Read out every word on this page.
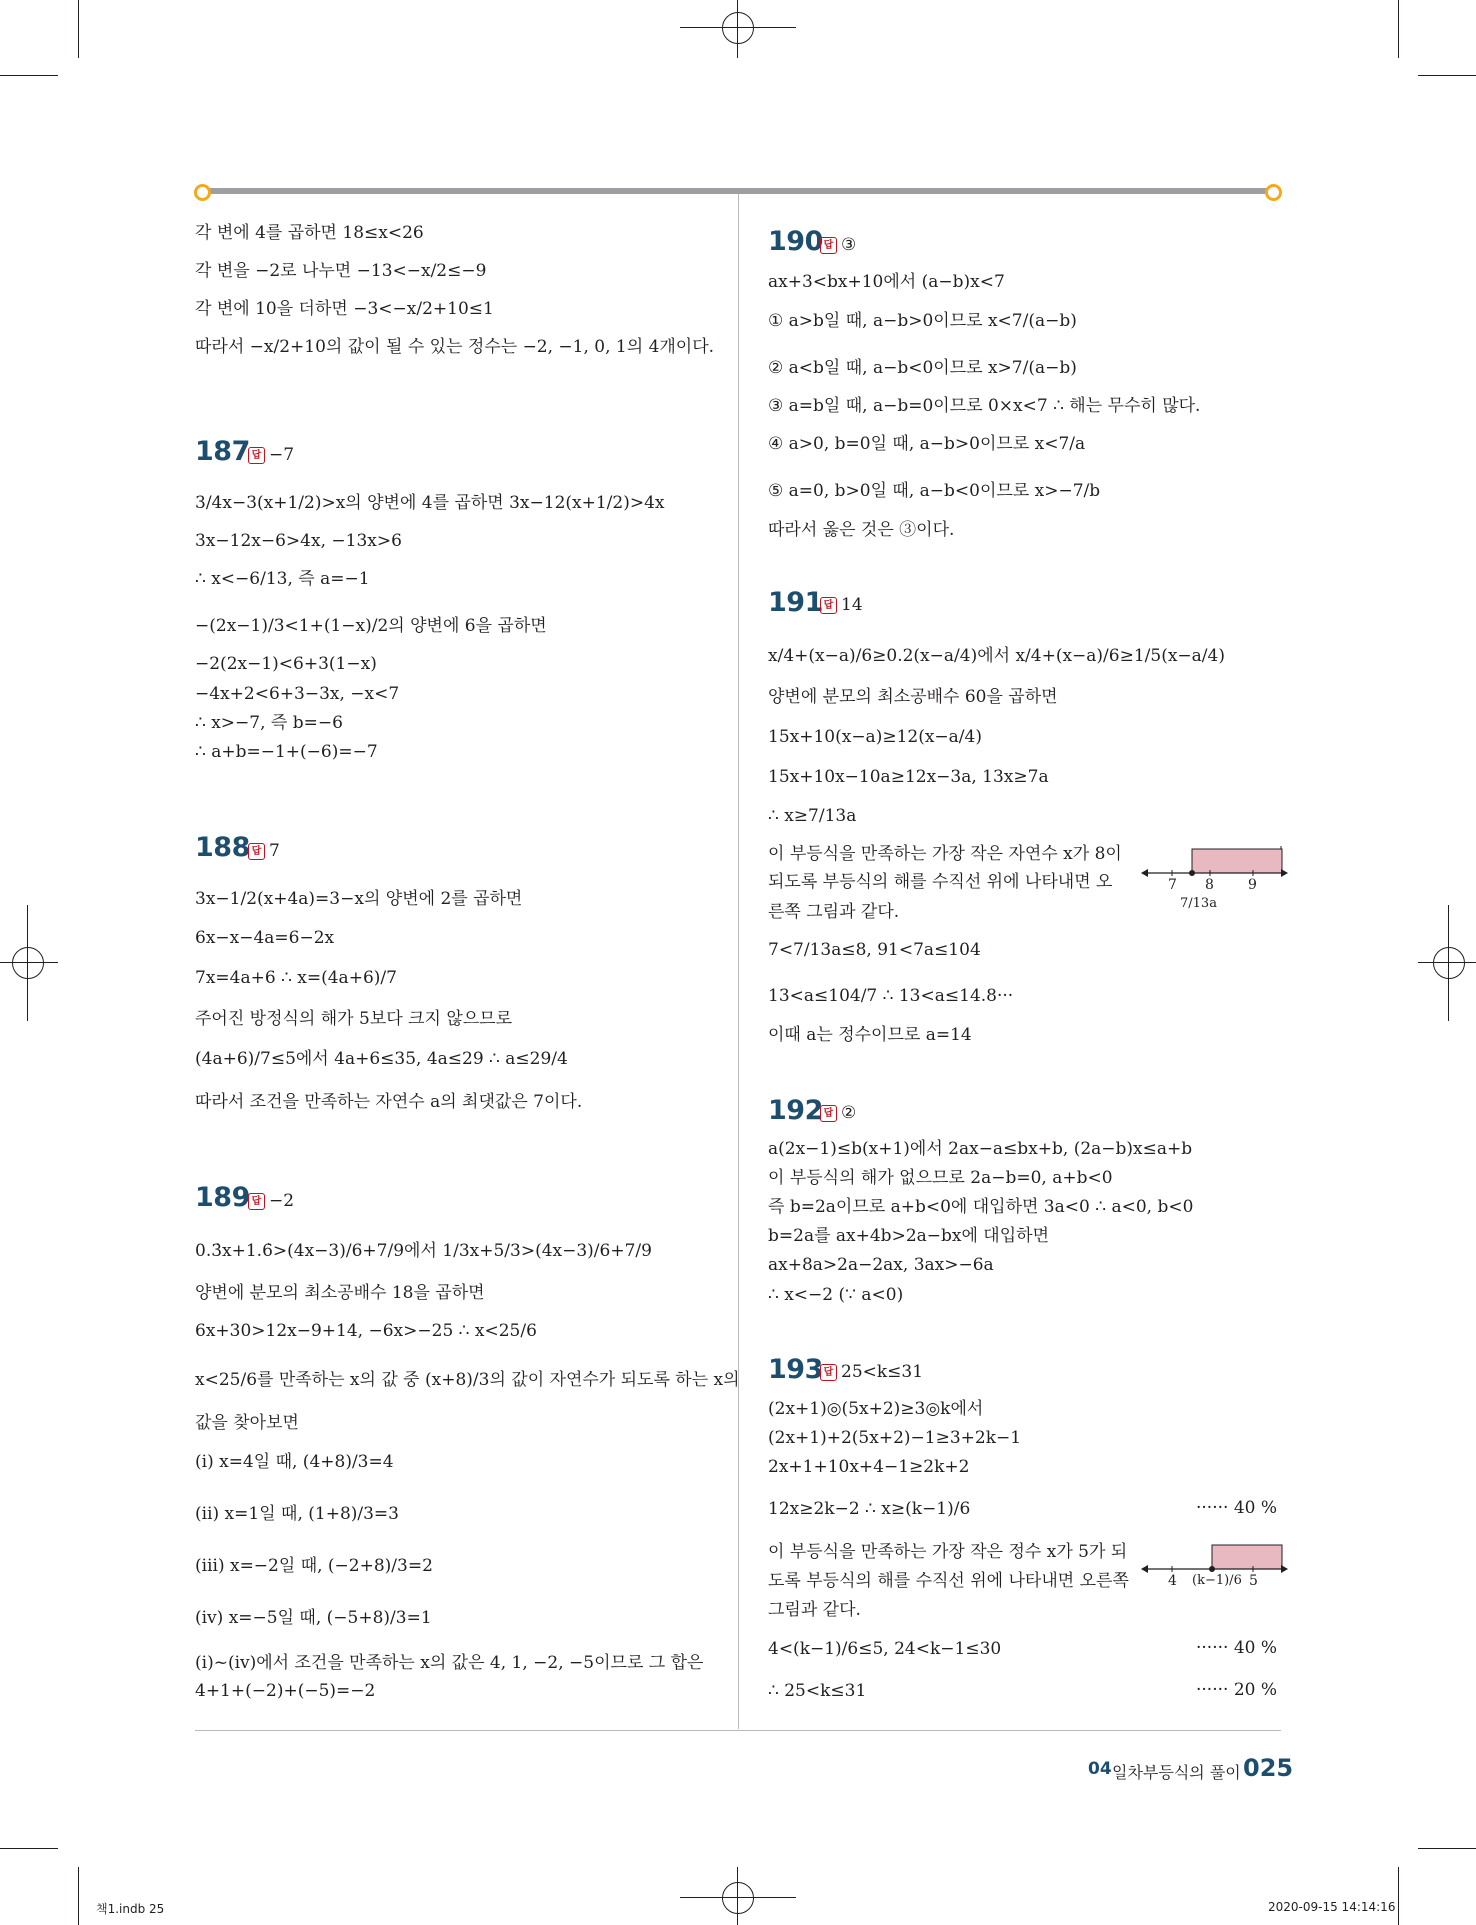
각 변에 4를 곱하면 18≤x<26
각 변을 −2로 나누면 −13<−x/2≤−9
각 변에 10을 더하면 −3<−x/2+10≤1
따라서 −x/2+10의 값이 될 수 있는 정수는 −2, −1, 0, 1의 4개이다.
187 답 −7
3/4x−3(x+1/2)>x의 양변에 4를 곱하면 3x−12(x+1/2)>4x
3x−12x−6>4x, −13x>6
∴ x<−6/13, 즉 a=−1
−(2x−1)/3<1+(1−x)/2의 양변에 6을 곱하면
−2(2x−1)<6+3(1−x)
−4x+2<6+3−3x, −x<7
∴ x>−7, 즉 b=−6
∴ a+b=−1+(−6)=−7
188 답 7
3x−1/2(x+4a)=3−x의 양변에 2를 곱하면
6x−x−4a=6−2x
7x=4a+6 ∴ x=(4a+6)/7
주어진 방정식의 해가 5보다 크지 않으므로
(4a+6)/7≤5에서 4a+6≤35, 4a≤29 ∴ a≤29/4
따라서 조건을 만족하는 자연수 a의 최댓값은 7이다.
189 답 −2
0.3̇x+1.6̇>(4x−3)/6+7/9에서 1/3x+5/3>(4x−3)/6+7/9
양변에 분모의 최소공배수 18을 곱하면
6x+30>12x−9+14, −6x>−25 ∴ x<25/6
x<25/6를 만족하는 x의 값 중 (x+8)/3의 값이 자연수가 되도록 하는 x의
값을 찾아보면
(ⅰ) x=4일 때, (4+8)/3=4
(ⅱ) x=1일 때, (1+8)/3=3
(ⅲ) x=−2일 때, (−2+8)/3=2
(ⅳ) x=−5일 때, (−5+8)/3=1
(ⅰ)~(ⅳ)에서 조건을 만족하는 x의 값은 4, 1, −2, −5이므로 그 합은
4+1+(−2)+(−5)=−2
190 답 ③
ax+3<bx+10에서 (a−b)x<7
① a>b일 때, a−b>0이므로 x<7/(a−b)
② a<b일 때, a−b<0이므로 x>7/(a−b)
③ a=b일 때, a−b=0이므로 0×x<7 ∴ 해는 무수히 많다.
④ a>0, b=0일 때, a−b>0이므로 x<7/a
⑤ a=0, b>0일 때, a−b<0이므로 x>−7/b
따라서 옳은 것은 ③이다.
191 답 14
x/4+(x−a)/6≥0.2(x−a/4)에서 x/4+(x−a)/6≥1/5(x−a/4)
양변에 분모의 최소공배수 60을 곱하면
15x+10(x−a)≥12(x−a/4)
15x+10x−10a≥12x−3a, 13x≥7a
∴ x≥7/13a
이 부등식을 만족하는 가장 작은 자연수 x가 8이
되도록 부등식의 해를 수직선 위에 나타내면 오
른쪽 그림과 같다.
7<7/13a≤8, 91<7a≤104
13<a≤104/7 ∴ 13<a≤14.8···
이때 a는 정수이므로 a=14
7 8 9
7/13a
192 답 ②
a(2x−1)≤b(x+1)에서 2ax−a≤bx+b, (2a−b)x≤a+b
이 부등식의 해가 없으므로 2a−b=0, a+b<0
즉 b=2a이므로 a+b<0에 대입하면 3a<0 ∴ a<0, b<0
b=2a를 ax+4b>2a−bx에 대입하면
ax+8a>2a−2ax, 3ax>−6a
∴ x<−2 (∵ a<0)
193 답 25<k≤31
(2x+1)◎(5x+2)≥3◎k에서
(2x+1)+2(5x+2)−1≥3+2k−1
2x+1+10x+4−1≥2k+2
12x≥2k−2 ∴ x≥(k−1)/6	······ 40 %
이 부등식을 만족하는 가장 작은 정수 x가 5가 되
도록 부등식의 해를 수직선 위에 나타내면 오른쪽
그림과 같다.
4<(k−1)/6≤5, 24<k−1≤30	······ 40 %
∴ 25<k≤31	······ 20 %
4 (k−1)/6 5
04 일차부등식의 풀이 025
책1.indb 25	2020-09-15 14:14:16
